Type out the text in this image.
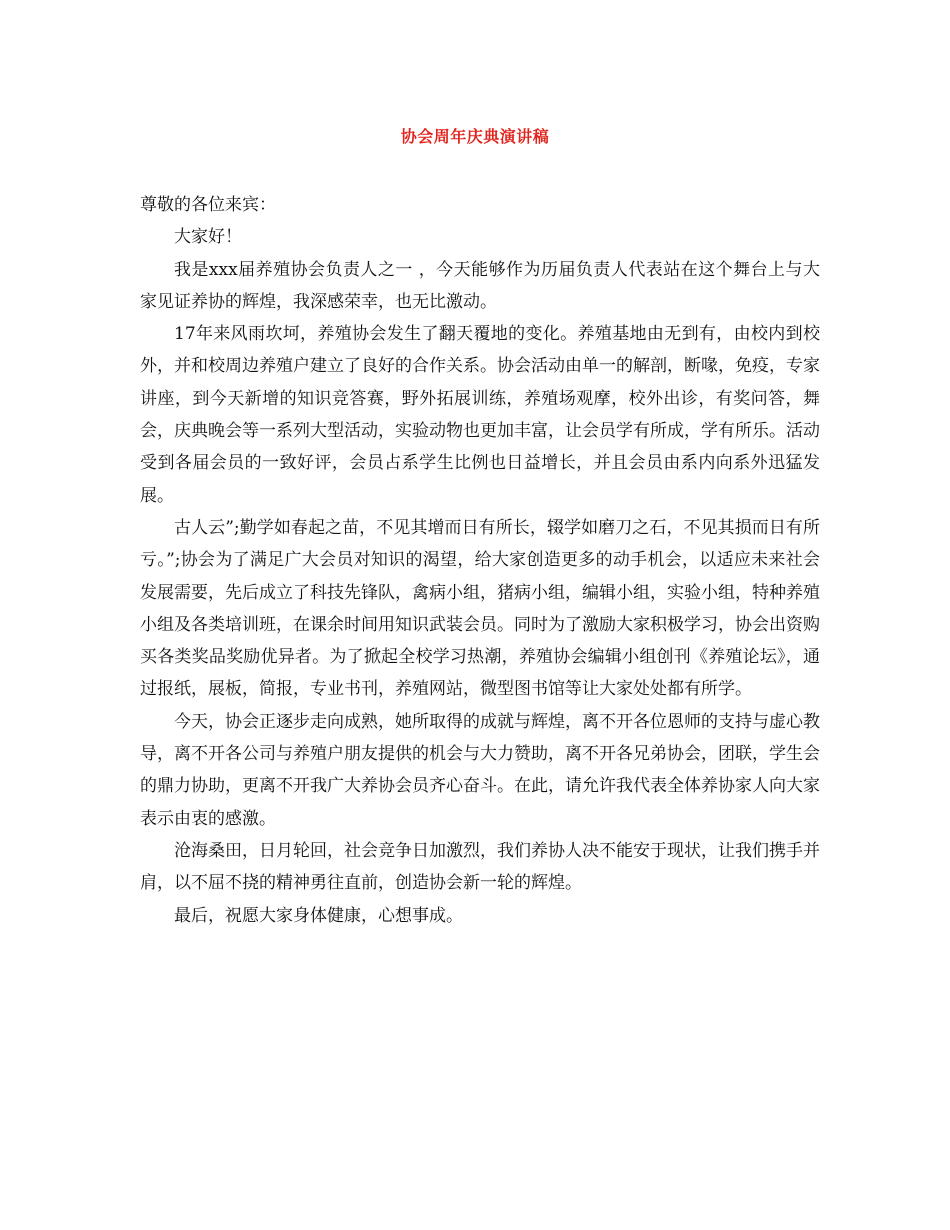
协会周年庆典演讲稿

尊敬的各位来宾：

大家好！

我是xxx届养殖协会负责人之一 ，今天能够作为历届负责人代表站在这个舞台上与大家见证养协的辉煌，我深感荣幸，也无比激动。

17年来风雨坎坷，养殖协会发生了翻天覆地的变化。养殖基地由无到有，由校内到校外，并和校周边养殖户建立了良好的合作关系。协会活动由单一的解剖，断喙，免疫，专家讲座，到今天新增的知识竞答赛，野外拓展训练，养殖场观摩，校外出诊，有奖问答，舞会，庆典晚会等一系列大型活动，实验动物也更加丰富，让会员学有所成，学有所乐。活动受到各届会员的一致好评，会员占系学生比例也日益增长，并且会员由系内向系外迅猛发展。

古人云”;勤学如春起之苗，不见其增而日有所长，辍学如磨刀之石，不见其损而日有所亏。”;协会为了满足广大会员对知识的渴望，给大家创造更多的动手机会，以适应未来社会发展需要，先后成立了科技先锋队，禽病小组，猪病小组，编辑小组，实验小组，特种养殖小组及各类培训班，在课余时间用知识武装会员。同时为了激励大家积极学习，协会出资购买各类奖品奖励优异者。为了掀起全校学习热潮，养殖协会编辑小组创刊《养殖论坛》，通过报纸，展板，简报，专业书刊，养殖网站，微型图书馆等让大家处处都有所学。

今天，协会正逐步走向成熟，她所取得的成就与辉煌，离不开各位恩师的支持与虚心教导，离不开各公司与养殖户朋友提供的机会与大力赞助，离不开各兄弟协会，团联，学生会的鼎力协助，更离不开我广大养协会员齐心奋斗。在此，请允许我代表全体养协家人向大家表示由衷的感激。

沧海桑田，日月轮回，社会竞争日加激烈，我们养协人决不能安于现状，让我们携手并肩，以不屈不挠的精神勇往直前，创造协会新一轮的辉煌。

最后，祝愿大家身体健康，心想事成。
